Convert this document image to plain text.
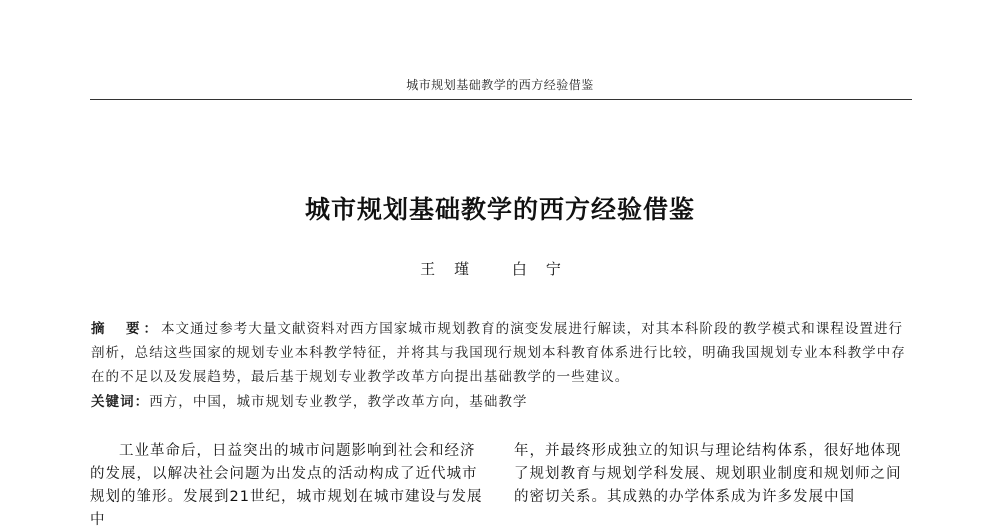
城市规划基础教学的西方经验借鉴
城市规划基础教学的西方经验借鉴
王瑾 白宁
摘　要：本文通过参考大量文献资料对西方国家城市规划教育的演变发展进行解读，对其本科阶段的教学模式和课程设置进行剖析，总结这些国家的规划专业本科教学特征，并将其与我国现行规划本科教育体系进行比较，明确我国规划专业本科教学中存在的不足以及发展趋势，最后基于规划专业教学改革方向提出基础教学的一些建议。
关键词：西方，中国，城市规划专业教学，教学改革方向，基础教学

工业革命后，日益突出的城市问题影响到社会和经济的发展，以解决社会问题为出发点的活动构成了近代城市规划的雏形。发展到21世纪，城市规划在城市建设与发展中

年，并最终形成独立的知识与理论结构体系，很好地体现了规划教育与规划学科发展、规划职业制度和规划师之间的密切关系。其成熟的办学体系成为许多发展中国
